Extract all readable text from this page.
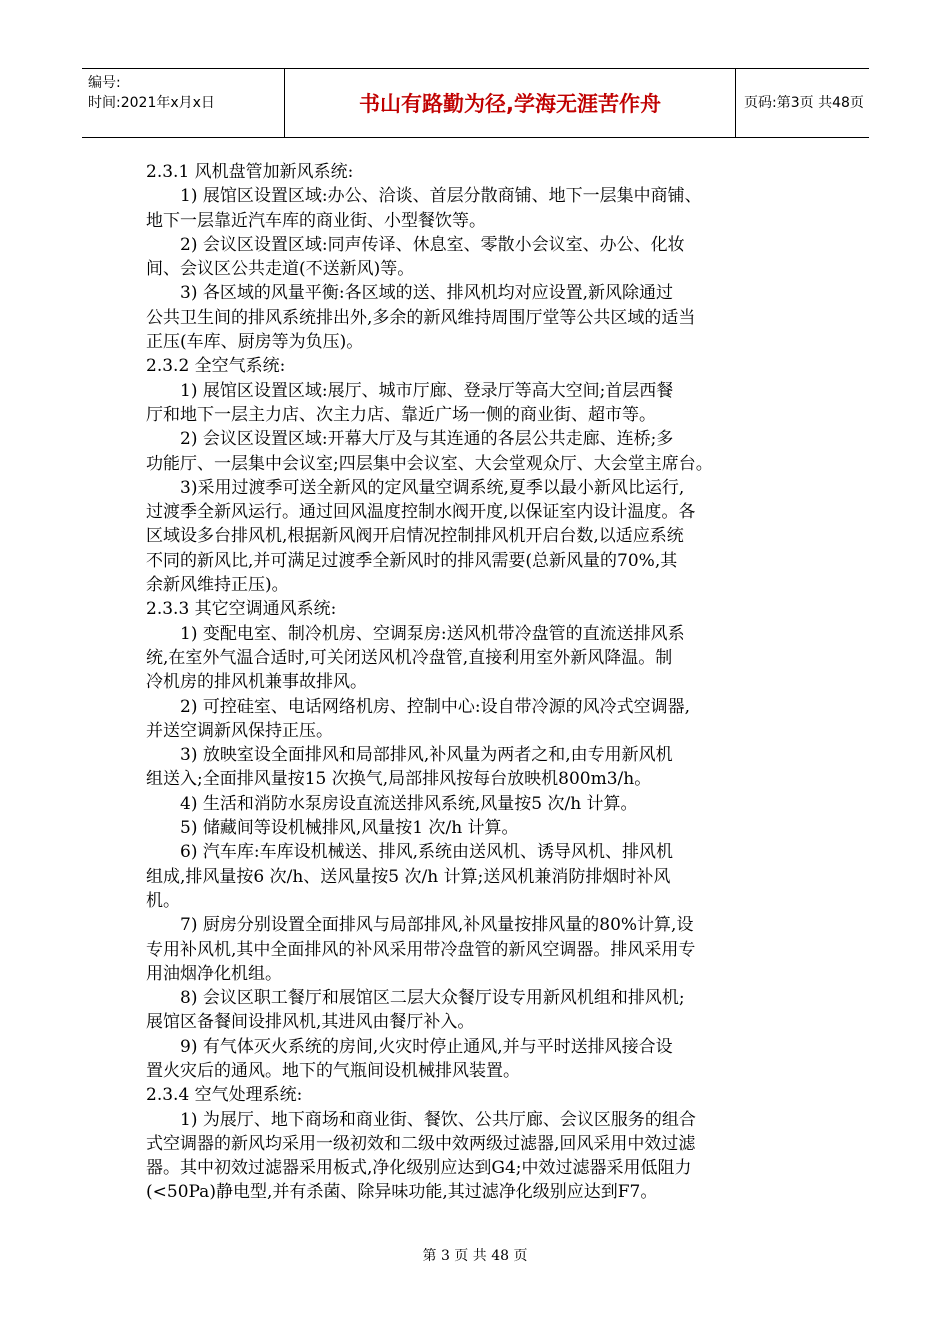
编号:
时间:2021年x月x日	书山有路勤为径,学海无涯苦作舟	页码:第3页 共48页

2.3.1 风机盘管加新风系统:

1) 展馆区设置区域:办公、洽谈、首层分散商铺、地下一层集中商铺、

地下一层靠近汽车库的商业街、小型餐饮等。

2) 会议区设置区域:同声传译、休息室、零散小会议室、办公、化妆

间、会议区公共走道(不送新风)等。

3) 各区域的风量平衡:各区域的送、排风机均对应设置,新风除通过

公共卫生间的排风系统排出外,多余的新风维持周围厅堂等公共区域的适当

正压(车库、厨房等为负压)。

2.3.2 全空气系统:

1) 展馆区设置区域:展厅、城市厅廊、登录厅等高大空间;首层西餐

厅和地下一层主力店、次主力店、靠近广场一侧的商业街、超市等。

2) 会议区设置区域:开幕大厅及与其连通的各层公共走廊、连桥;多

功能厅、一层集中会议室;四层集中会议室、大会堂观众厅、大会堂主席台。

3)采用过渡季可送全新风的定风量空调系统,夏季以最小新风比运行,

过渡季全新风运行。通过回风温度控制水阀开度,以保证室内设计温度。各

区域设多台排风机,根据新风阀开启情况控制排风机开启台数,以适应系统

不同的新风比,并可满足过渡季全新风时的排风需要(总新风量的70%,其

余新风维持正压)。

2.3.3 其它空调通风系统:

1) 变配电室、制冷机房、空调泵房:送风机带冷盘管的直流送排风系

统,在室外气温合适时,可关闭送风机冷盘管,直接利用室外新风降温。制

冷机房的排风机兼事故排风。

2) 可控硅室、电话网络机房、控制中心:设自带冷源的风冷式空调器,

并送空调新风保持正压。

3) 放映室设全面排风和局部排风,补风量为两者之和,由专用新风机

组送入;全面排风量按15 次换气,局部排风按每台放映机800m3/h。

4) 生活和消防水泵房设直流送排风系统,风量按5 次/h 计算。

5) 储藏间等设机械排风,风量按1 次/h 计算。

6) 汽车库:车库设机械送、排风,系统由送风机、诱导风机、排风机

组成,排风量按6 次/h、送风量按5 次/h 计算;送风机兼消防排烟时补风

机。

7) 厨房分别设置全面排风与局部排风,补风量按排风量的80%计算,设

专用补风机,其中全面排风的补风采用带冷盘管的新风空调器。排风采用专

用油烟净化机组。

8) 会议区职工餐厅和展馆区二层大众餐厅设专用新风机组和排风机;

展馆区备餐间设排风机,其进风由餐厅补入。

9) 有气体灭火系统的房间,火灾时停止通风,并与平时送排风接合设

置火灾后的通风。地下的气瓶间设机械排风装置。

2.3.4 空气处理系统:

1) 为展厅、地下商场和商业街、餐饮、公共厅廊、会议区服务的组合

式空调器的新风均采用一级初效和二级中效两级过滤器,回风采用中效过滤

器。其中初效过滤器采用板式,净化级别应达到G4;中效过滤器采用低阻力

(<50Pa)静电型,并有杀菌、除异味功能,其过滤净化级别应达到F7。

第 3 页 共 48 页
